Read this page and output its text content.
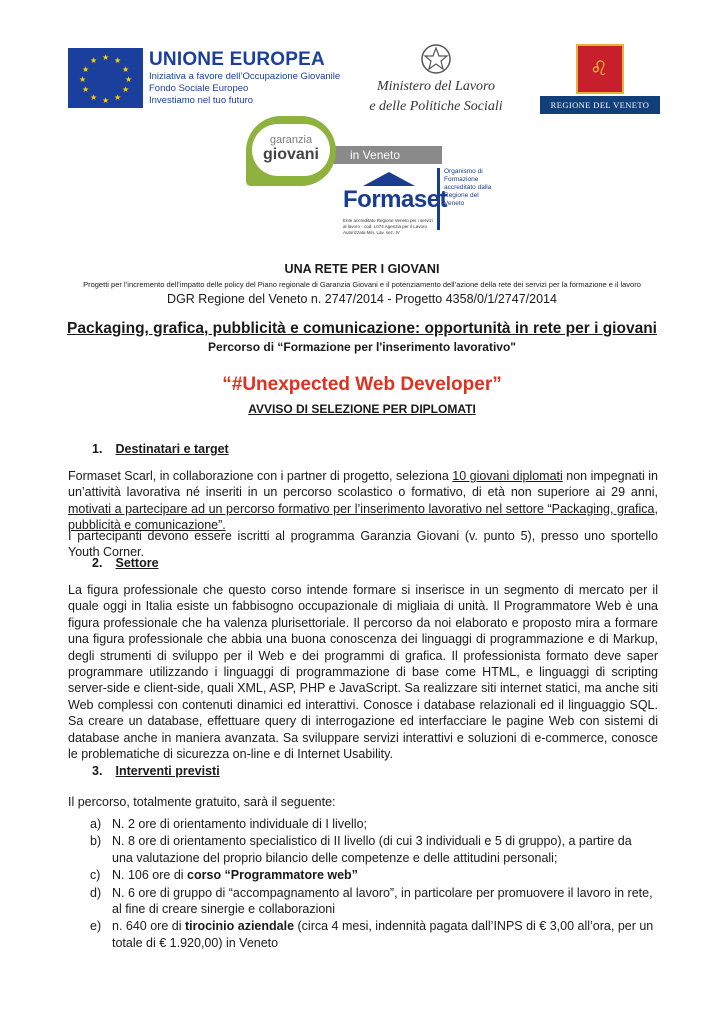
★ ★
★
★
★
★
★
★
★
★
★
★	UNIONE EUROPEA
Iniziativa a favore dell’Occupazione Giovanile
Fondo Sociale Europeo
Investiamo nel tuo futuro
Ministero del Lavoro
e delle Politiche Sociali
♌
REGIONE DEL VENETO
in Veneto
garanzia
giovani
Formaset
Ente accreditato Regione Veneto per i servizi al lavoro - cod. L074 Agenzia per il Lavoro Autorizzata Min. Lav. sez. IV
Organismo di Formazione accreditato dalla Regione del Veneto
UNA RETE PER I GIOVANI
Progetti per l’incremento dell’impatto delle policy del Piano regionale di Garanzia Giovani e il potenziamento dell’azione della rete dei servizi per la formazione e il lavoro
DGR Regione del Veneto n. 2747/2014 - Progetto 4358/0/1/2747/2014
Packaging, grafica, pubblicità e comunicazione: opportunità in rete per i giovani
Percorso di “Formazione per l'inserimento lavorativo"
“#Unexpected Web Developer”
AVVISO DI SELEZIONE PER DIPLOMATI
1. Destinatari e target
Formaset Scarl, in collaborazione con i partner di progetto, seleziona 10 giovani diplomati non impegnati in un’attività lavorativa né inseriti in un percorso scolastico o formativo, di età non superiore ai 29 anni, motivati a partecipare ad un percorso formativo per l’inserimento lavorativo nel settore “Packaging, grafica, pubblicità e comunicazione”.
I partecipanti devono essere iscritti al programma Garanzia Giovani (v. punto 5), presso uno sportello Youth Corner.
2. Settore
La figura professionale che questo corso intende formare si inserisce in un segmento di mercato per il quale oggi in Italia esiste un fabbisogno occupazionale di migliaia di unità. Il Programmatore Web è una figura professionale che ha valenza plurisettoriale. Il percorso da noi elaborato e proposto mira a formare una figura professionale che abbia una buona conoscenza dei linguaggi di programmazione e di Markup, degli strumenti di sviluppo per il Web e dei programmi di grafica. Il professionista formato deve saper programmare utilizzando i linguaggi di programmazione di base come HTML, e linguaggi di scripting server-side e client-side, quali XML, ASP, PHP e JavaScript. Sa realizzare siti internet statici, ma anche siti Web complessi con contenuti dinamici ed interattivi. Conosce i database relazionali ed il linguaggio SQL. Sa creare un database, effettuare query di interrogazione ed interfacciare le pagine Web con sistemi di database anche in maniera avanzata. Sa sviluppare servizi interattivi e soluzioni di e-commerce, conosce le problematiche di sicurezza on-line e di Internet Usability.
3. Interventi previsti
Il percorso, totalmente gratuito, sarà il seguente:
a) N. 2 ore di orientamento individuale di I livello;
b) N. 8 ore di orientamento specialistico di II livello (di cui 3 individuali e 5 di gruppo), a partire da una valutazione del proprio bilancio delle competenze e delle attitudini personali;
c) N. 106 ore di corso “Programmatore web”
d) N. 6 ore di gruppo di “accompagnamento al lavoro”, in particolare per promuovere il lavoro in rete, al fine di creare sinergie e collaborazioni
e) n. 640 ore di tirocinio aziendale (circa 4 mesi, indennità pagata dall’INPS di € 3,00 all’ora, per un totale di € 1.920,00) in Veneto
